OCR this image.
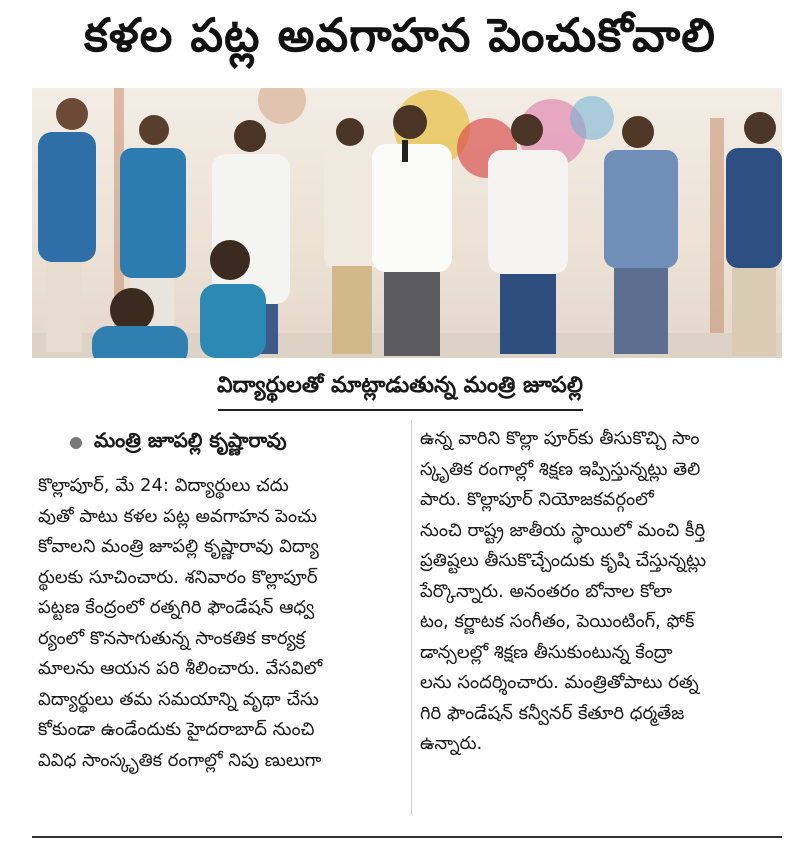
కళల పట్ల అవగాహన పెంచుకోవాలి
విద్యార్థులతో మాట్లాడుతున్న మంత్రి జూపల్లి
మంత్రి జూపల్లి కృష్ణారావు
కొల్లాపూర్, మే 24: విద్యార్థులు చదు
వుతో పాటు కళల పట్ల అవగాహన పెంచు
కోవాలని మంత్రి జూపల్లి కృష్ణారావు విద్యా
ర్థులకు సూచించారు. శనివారం కొల్లాపూర్
పట్టణ కేంద్రంలో రత్నగిరి ఫౌండేషన్ ఆధ్వ
ర్యంలో కొనసాగుతున్న సాంకతిక కార్యక్ర
మాలను ఆయన పరి శీలించారు. వేసవిలో
విద్యార్థులు తమ సమయాన్ని వృథా చేసు
కోకుండా ఉండేందుకు హైదరాబాద్ నుంచి
వివిధ సాంస్కృతిక రంగాల్లో నిపు ణులుగా
ఉన్న వారిని కొల్లా పూర్‌కు తీసుకొచ్చి సాం
స్కృతిక రంగాల్లో శిక్షణ ఇప్పిస్తున్నట్లు తెలి
పారు. కొల్లాపూర్ నియోజకవర్గంలో
నుంచి రాష్ట్ర జాతీయ స్థాయిలో మంచి కీర్తి
ప్రతిష్టలు తీసుకొచ్చేందుకు కృషి చేస్తున్నట్లు
పేర్కొన్నారు. అనంతరం బోనాల కోలా
టం, కర్ణాటక సంగీతం, పెయింటింగ్, ఫోక్
డాన్సలల్లో శిక్షణ తీసుకుంటున్న కేంద్రా
లను సందర్శించారు. మంత్రితోపాటు రత్న
గిరి ఫౌండేషన్ కన్వీనర్ కేతూరి ధర్మతేజ
ఉన్నారు.
